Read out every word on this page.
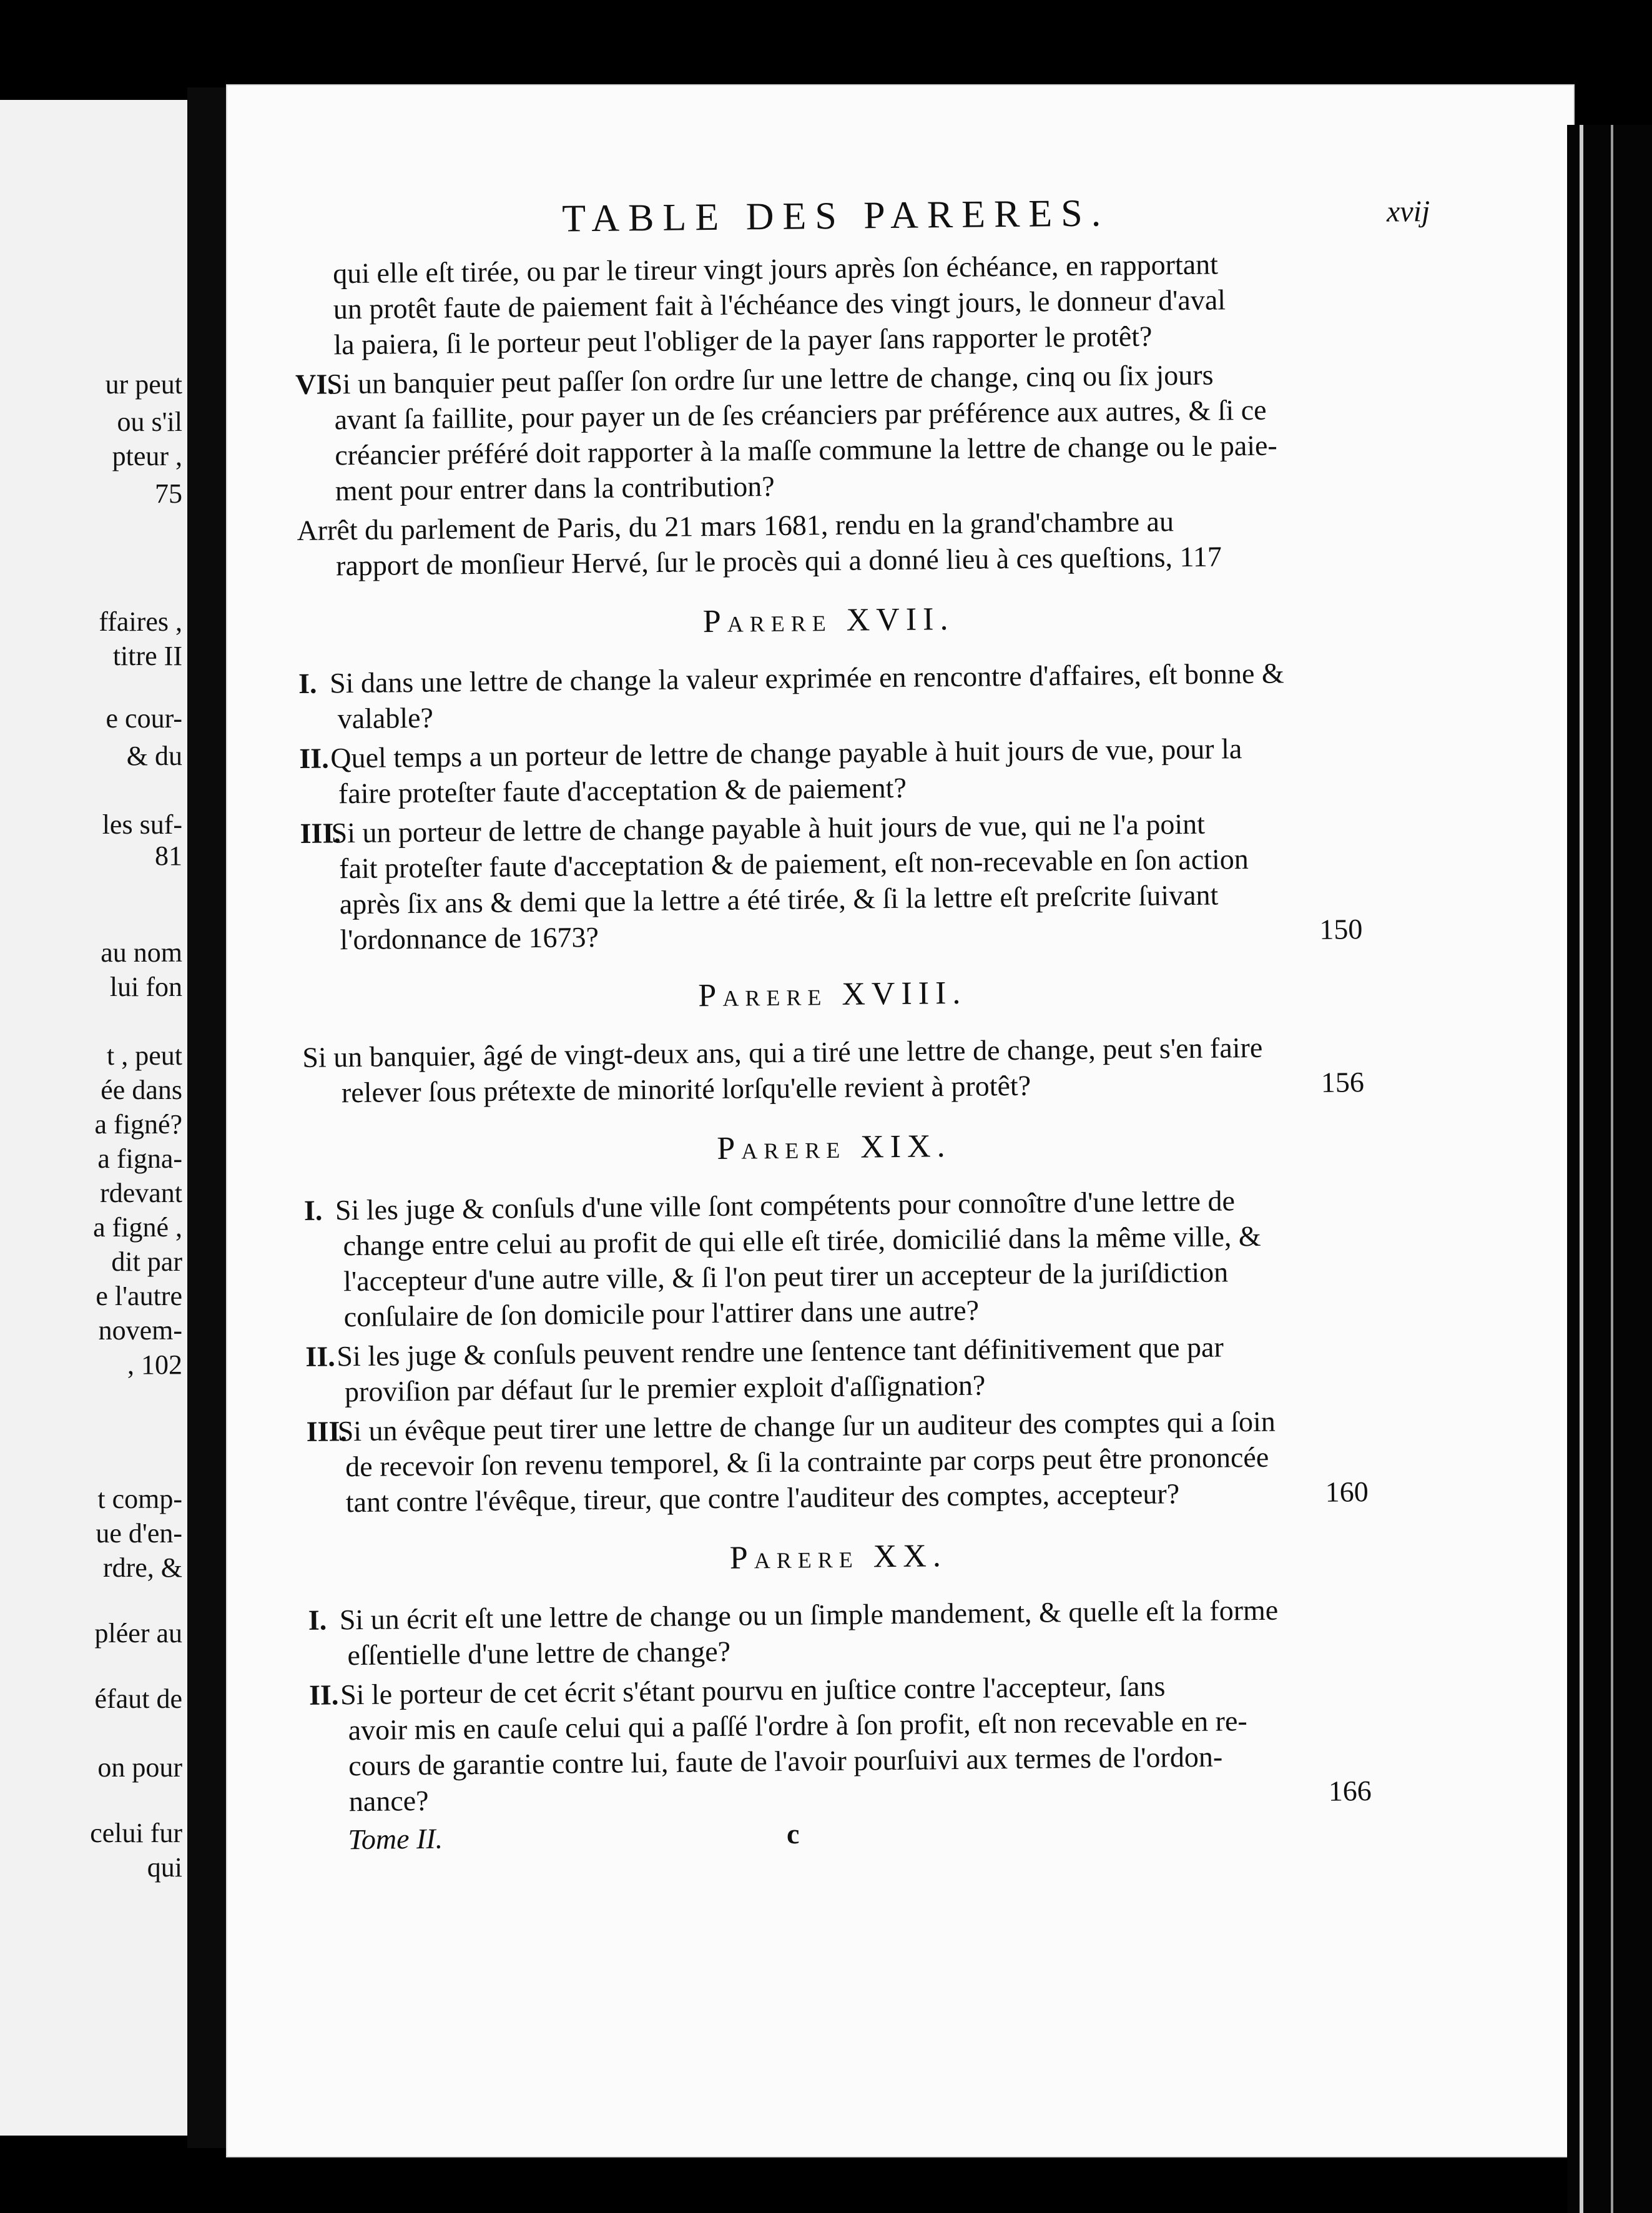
ur peut
ou s'il
pteur ,
75
ffaires ,
titre II
e cour-
& du
les suf-
81
au nom
lui fon
t , peut
ée dans
a figné?
a figna-
rdevant
a figné ,
dit par
e l'autre
novem-
, 102
t comp-
ue d'en-
rdre, &
pléer au
éfaut de
on pour
celui fur
qui
TABLE DES PARERES.	xvij

qui elle eſt tirée, ou par le tireur vingt jours après ſon échéance, en rapportant

un protêt faute de paiement fait à l'échéance des vingt jours, le donneur d'aval

la paiera, ſi le porteur peut l'obliger de la payer ſans rapporter le protêt?

VI.Si un banquier peut paſſer ſon ordre ſur une lettre de change, cinq ou ſix jours

avant ſa faillite, pour payer un de ſes créanciers par préférence aux autres, & ſi ce

créancier préféré doit rapporter à la maſſe commune la lettre de change ou le paie-

ment pour entrer dans la contribution?

Arrêt du parlement de Paris, du 21 mars 1681, rendu en la grand'chambre au

rapport de monſieur Hervé, ſur le procès qui a donné lieu à ces queſtions, 117

Parere XVII.

I. Si dans une lettre de change la valeur exprimée en rencontre d'affaires, eſt bonne &

valable?

II.Quel temps a un porteur de lettre de change payable à huit jours de vue, pour la

faire proteſter faute d'acceptation & de paiement?

III.Si un porteur de lettre de change payable à huit jours de vue, qui ne l'a point

fait proteſter faute d'acceptation & de paiement, eſt non-recevable en ſon action

après ſix ans & demi que la lettre a été tirée, & ſi la lettre eſt preſcrite ſuivant

l'ordonnance de 1673?	150

Parere XVIII.

Si un banquier, âgé de vingt-deux ans, qui a tiré une lettre de change, peut s'en faire

relever ſous prétexte de minorité lorſqu'elle revient à protêt?	156

Parere XIX.

I. Si les juge & conſuls d'une ville ſont compétents pour connoître d'une lettre de

change entre celui au profit de qui elle eſt tirée, domicilié dans la même ville, &

l'accepteur d'une autre ville, & ſi l'on peut tirer un accepteur de la juriſdiction

conſulaire de ſon domicile pour l'attirer dans une autre?

II.Si les juge & conſuls peuvent rendre une ſentence tant définitivement que par

proviſion par défaut ſur le premier exploit d'aſſignation?

III.Si un évêque peut tirer une lettre de change ſur un auditeur des comptes qui a ſoin

de recevoir ſon revenu temporel, & ſi la contrainte par corps peut être prononcée

tant contre l'évêque, tireur, que contre l'auditeur des comptes, accepteur?	160

Parere XX.

I. Si un écrit eſt une lettre de change ou un ſimple mandement, & quelle eſt la forme

eſſentielle d'une lettre de change?

II.Si le porteur de cet écrit s'étant pourvu en juſtice contre l'accepteur, ſans

avoir mis en cauſe celui qui a paſſé l'ordre à ſon profit, eſt non recevable en re-

cours de garantie contre lui, faute de l'avoir pourſuivi aux termes de l'ordon-

nance?	166

Tome II.	c
